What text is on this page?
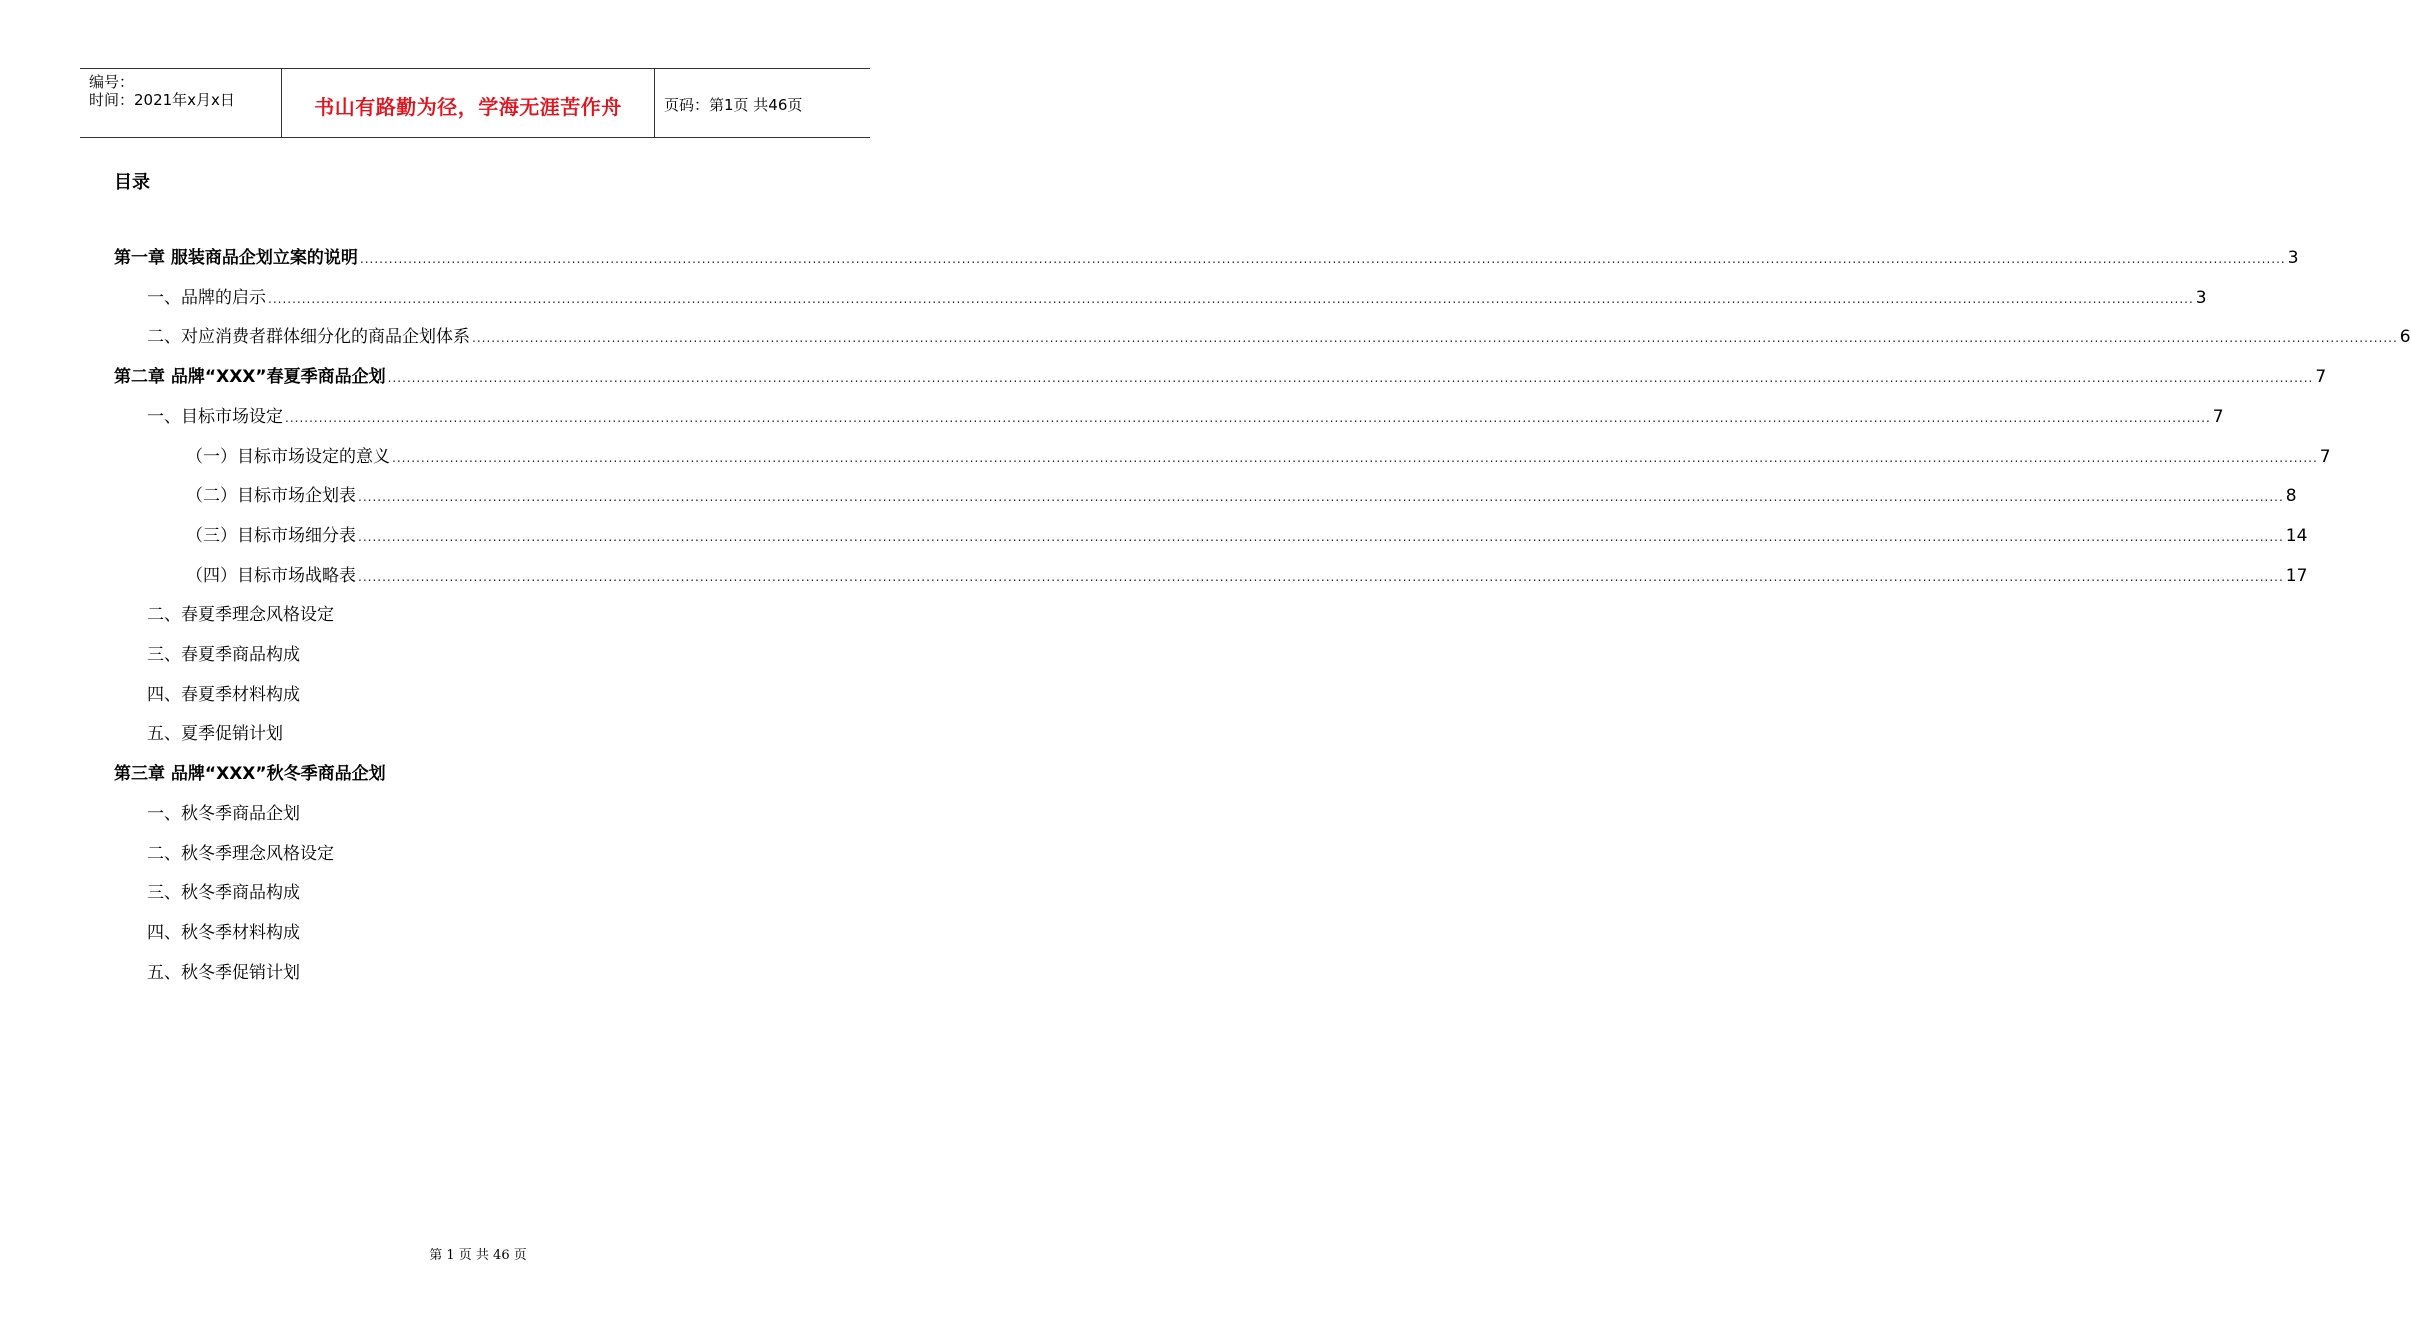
编号：
时间：2021年x月x日	书山有路勤为径，学海无涯苦作舟	页码：第1页 共46页
目录
第一章 服装商品企划立案的说明 ................................................................................................................................................................................................................................................................................................................................................................................................................ 3
一、品牌的启示 ................................................................................................................................................................................................................................................................................................................................................................................................................ 3
二、对应消费者群体细分化的商品企划体系 ................................................................................................................................................................................................................................................................................................................................................................................................................ 6
第二章 品牌“XXX”春夏季商品企划 ................................................................................................................................................................................................................................................................................................................................................................................................................ 7
一、目标市场设定 ................................................................................................................................................................................................................................................................................................................................................................................................................ 7
（一）目标市场设定的意义 ................................................................................................................................................................................................................................................................................................................................................................................................................ 7
（二）目标市场企划表 ................................................................................................................................................................................................................................................................................................................................................................................................................ 8
（三）目标市场细分表 ................................................................................................................................................................................................................................................................................................................................................................................................................ 14
（四）目标市场战略表 ................................................................................................................................................................................................................................................................................................................................................................................................................ 17
二、春夏季理念风格设定
三、春夏季商品构成
四、春夏季材料构成
五、夏季促销计划
第三章 品牌“XXX”秋冬季商品企划
一、秋冬季商品企划
二、秋冬季理念风格设定
三、秋冬季商品构成
四、秋冬季材料构成
五、秋冬季促销计划
第 1 页 共 46 页
